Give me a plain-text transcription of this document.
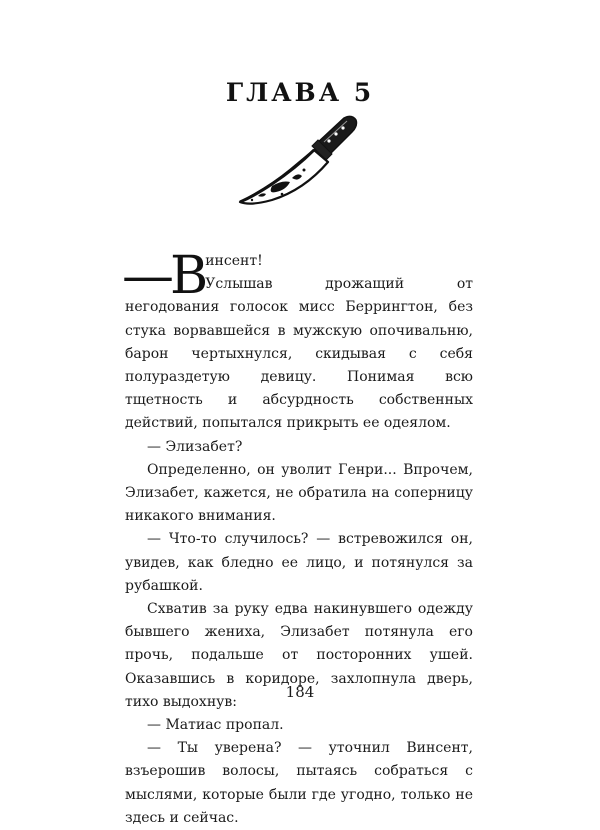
ГЛАВА 5

—В инсент!
Услышав дрожащий от негодования голосок мисс Беррингтон, без стука ворвавшейся в мужскую опочивальню, барон чертыхнулся, скидывая с себя полураздетую девицу. Понимая всю тщетность и абсурдность собственных действий, попытался прикрыть ее одеялом.

— Элизабет?

Определенно, он уволит Генри... Впрочем, Элизабет, кажется, не обратила на соперницу никакого внимания.

— Что-то случилось? — встревожился он, увидев, как бледно ее лицо, и потянулся за рубашкой.

Схватив за руку едва накинувшего одежду бывшего жениха, Элизабет потянула его прочь, подальше от посторонних ушей. Оказавшись в коридоре, захлопнула дверь, тихо выдохнув:

— Матиас пропал.

— Ты уверена? — уточнил Винсент, взъерошив волосы, пытаясь собраться с мыслями, которые были где угодно, только не здесь и сейчас.

184
